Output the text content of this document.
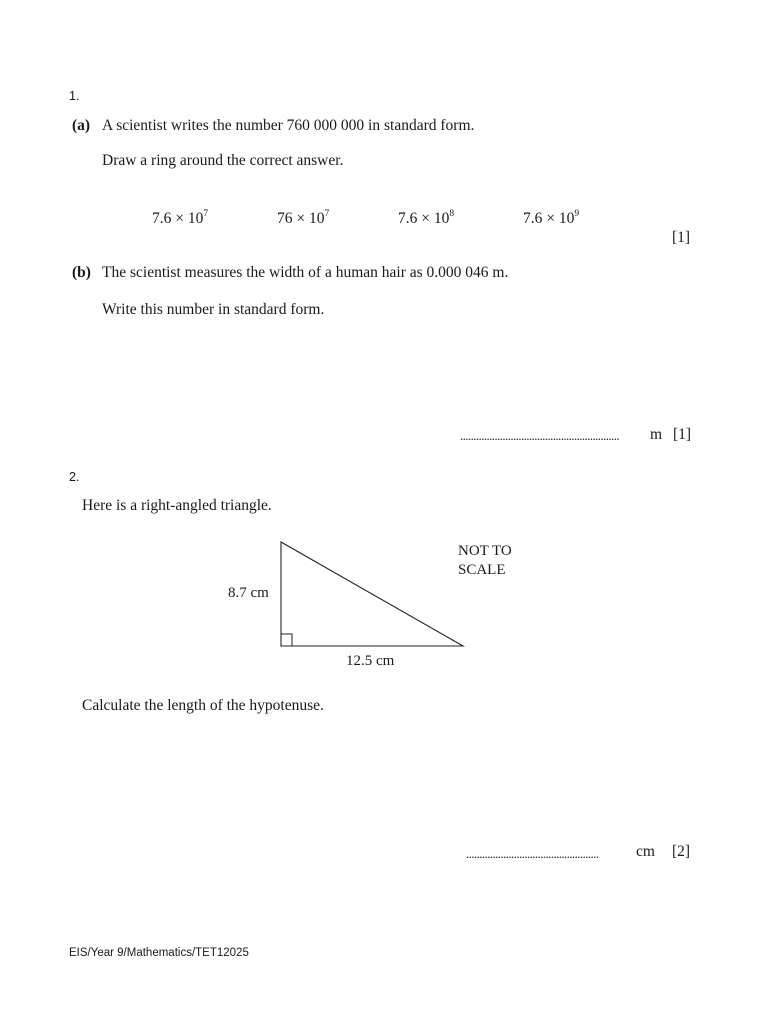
1.
(a) A scientist writes the number 760 000 000 in standard form.
Draw a ring around the correct answer.
$7.6 \times 10^7$	$76 \times 10^7$	$7.6 \times 10^8$	$7.6 \times 10^9$
[1]
(b) The scientist measures the width of a human hair as 0.000 046 m.
Write this number in standard form.
............................................................	m [1]
2.
Here is a right-angled triangle.
8.7 cm
12.5 cm
NOT TO
SCALE
Calculate the length of the hypotenuse.
..................................................	cm [2]
EIS/Year 9/Mathematics/TET12025
